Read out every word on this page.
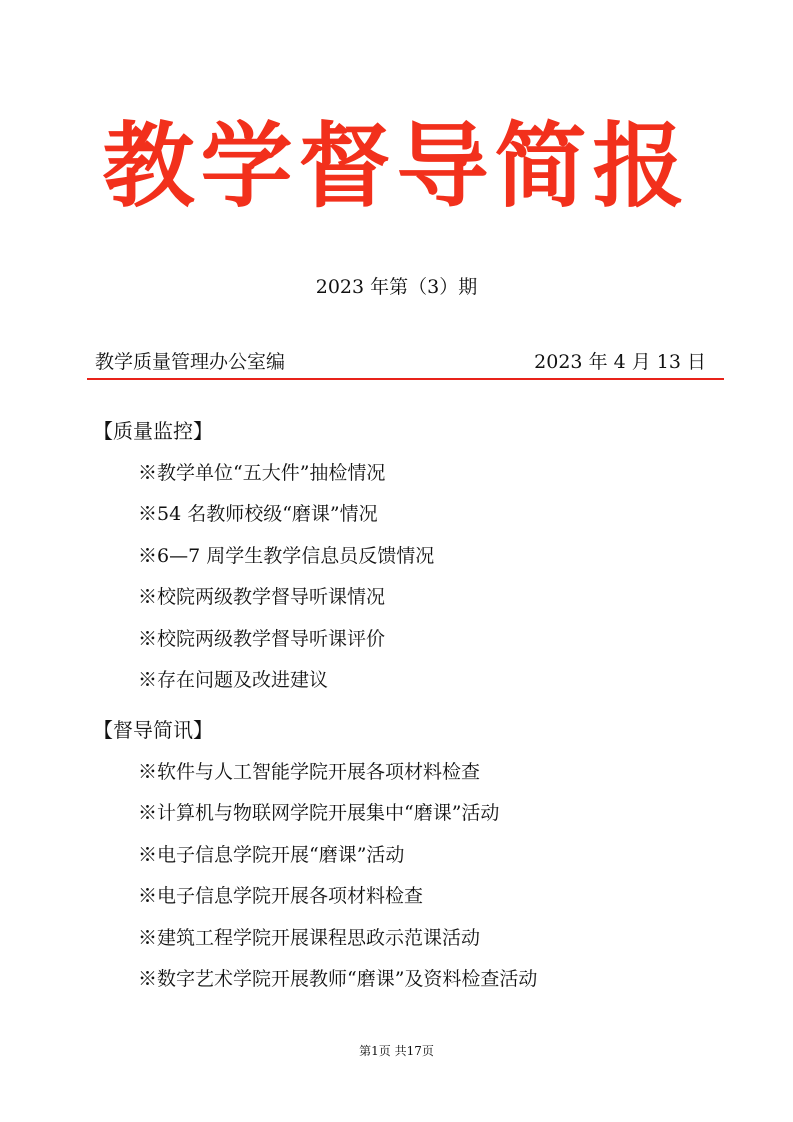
教学督导简报
2023 年第（3）期
教学质量管理办公室编	2023 年 4 月 13 日
【质量监控】
※教学单位“五大件”抽检情况
※54 名教师校级“磨课”情况
※6—7 周学生教学信息员反馈情况
※校院两级教学督导听课情况
※校院两级教学督导听课评价
※存在问题及改进建议
【督导简讯】
※软件与人工智能学院开展各项材料检查
※计算机与物联网学院开展集中“磨课”活动
※电子信息学院开展“磨课”活动
※电子信息学院开展各项材料检查
※建筑工程学院开展课程思政示范课活动
※数字艺术学院开展教师“磨课”及资料检查活动
第1页 共17页
